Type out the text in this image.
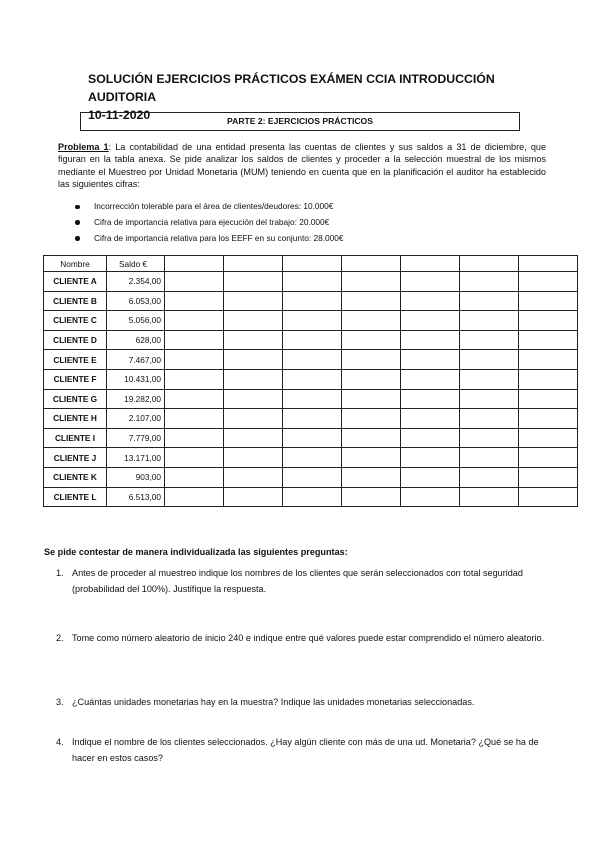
SOLUCIÓN EJERCICIOS PRÁCTICOS EXÁMEN CCIA INTRODUCCIÓN AUDITORIA
10-11-2020	PARTE 2: EJERCICIOS PRÁCTICOS
Problema 1: La contabilidad de una entidad presenta las cuentas de clientes y sus saldos a 31 de diciembre, que figuran en la tabla anexa. Se pide analizar los saldos de clientes y proceder a la selección muestral de los mismos mediante el Muestreo por Unidad Monetaria (MUM) teniendo en cuenta que en la planificación el auditor ha establecido las siguientes cifras:
Incorrección tolerable para el área de clientes/deudores: 10.000€
Cifra de importancia relativa para ejecución del trabajo: 20.000€
Cifra de importancia relativa para los EEFF en su conjunto: 28.000€
Nombre	Saldo €							
CLIENTE A	2.354,00							
CLIENTE B	6.053,00							
CLIENTE C	5.056,00							
CLIENTE D	628,00							
CLIENTE E	7.467,00							
CLIENTE F	10.431,00							
CLIENTE G	19.282,00							
CLIENTE H	2.107,00							
CLIENTE I	7.779,00							
CLIENTE J	13.171,00							
CLIENTE K	903,00							
CLIENTE L	6.513,00							
Se pide contestar de manera individualizada las siguientes preguntas:
1. Antes de proceder al muestreo indique los nombres de los clientes que serán seleccionados con total seguridad (probabilidad del 100%). Justifique la respuesta.
2. Tome como número aleatorio de inicio 240 e indique entre qué valores puede estar comprendido el número aleatorio.
3. ¿Cuántas unidades monetarias hay en la muestra? Indique las unidades monetarias seleccionadas.
4. Indique el nombre de los clientes seleccionados. ¿Hay algún cliente con más de una ud. Monetaria? ¿Qué se ha de hacer en estos casos?
